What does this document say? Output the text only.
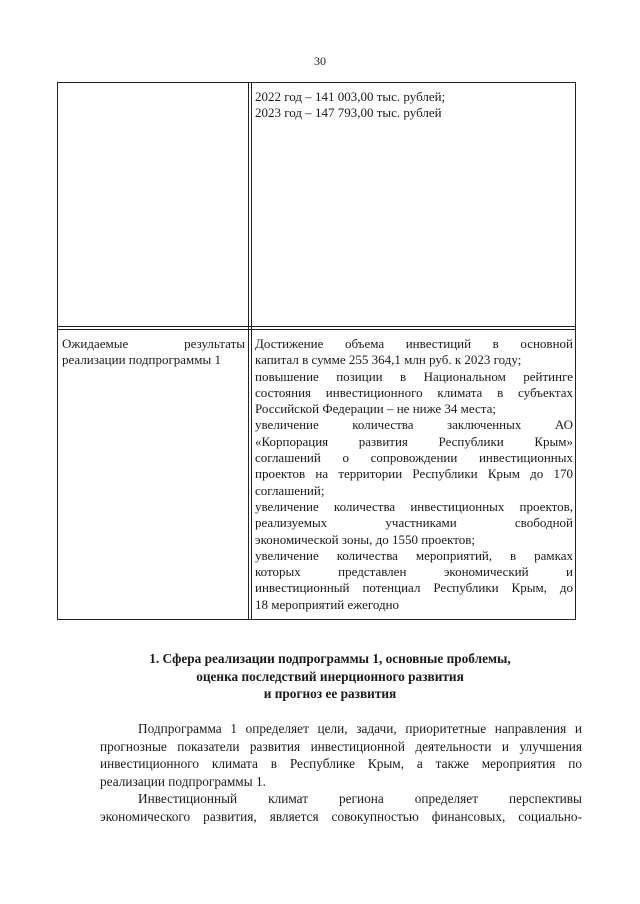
30
2022 год – 141 003,00 тыс. рублей;
2023 год – 147 793,00 тыс. рублей
Ожидаемые результаты
реализации подпрограммы 1
Достижение объема инвестиций в основной
капитал в сумме 255 364,1 млн руб. к 2023 году;
повышение позиции в Национальном рейтинге
состояния инвестиционного климата в субъектах
Российской Федерации – не ниже 34 места;
увеличение количества заключенных АО
«Корпорация развития Республики Крым»
соглашений о сопровождении инвестиционных
проектов на территории Республики Крым до 170
соглашений;
увеличение количества инвестиционных проектов,
реализуемых участниками свободной
экономической зоны, до 1550 проектов;
увеличение количества мероприятий, в рамках
которых представлен экономический и
инвестиционный потенциал Республики Крым, до
18 мероприятий ежегодно
1. Сфера реализации подпрограммы 1, основные проблемы,
оценка последствий инерционного развития
и прогноз ее развития
Подпрограмма 1 определяет цели, задачи, приоритетные направления и
прогнозные показатели развития инвестиционной деятельности и улучшения
инвестиционного климата в Республике Крым, а также мероприятия по
реализации подпрограммы 1.
Инвестиционный климат региона определяет перспективы
экономического развития, является совокупностью финансовых, социально-
